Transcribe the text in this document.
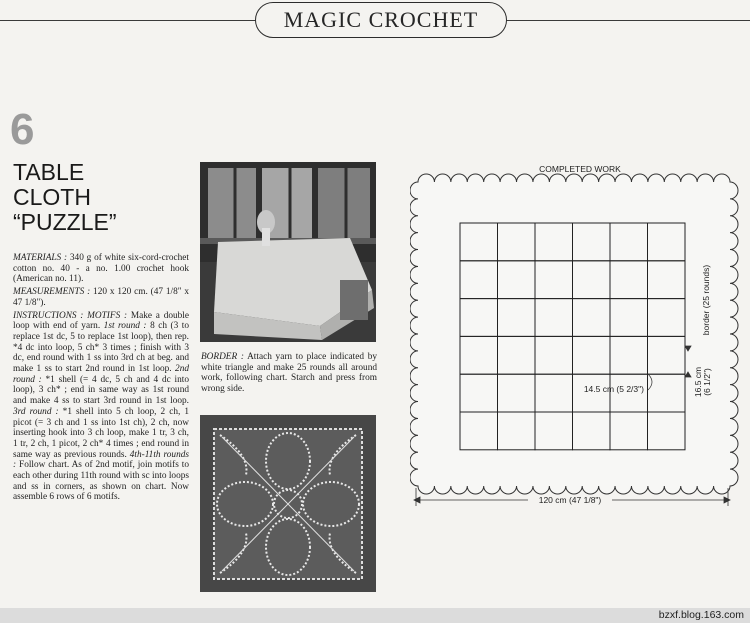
MAGIC CROCHET
6
TABLE
CLOTH
“PUZZLE”

MATERIALS : 340 g of white six-cord-crochet cotton no. 40 - a no. 1.00 crochet hook (American no. 11).

MEASUREMENTS : 120 x 120 cm. (47 1/8" x 47 1/8").

INSTRUCTIONS : MOTIFS : Make a double loop with end of yarn. 1st round : 8 ch (3 to replace 1st dc, 5 to replace 1st loop), then rep. *4 dc into loop, 5 ch* 3 times ; finish with 3 dc, end round with 1 ss into 3rd ch at beg. and make 1 ss to start 2nd round in 1st loop. 2nd round : *1 shell (= 4 dc, 5 ch and 4 dc into loop), 3 ch* ; end in same way as 1st round and make 4 ss to start 3rd round in 1st loop. 3rd round : *1 shell into 5 ch loop, 2 ch, 1 picot (= 3 ch and 1 ss into 1st ch), 2 ch, now inserting hook into 3 ch loop, make 1 tr, 3 ch, 1 tr, 2 ch, 1 picot, 2 ch* 4 times ; end round in same way as previous rounds. 4th-11th rounds : Follow chart. As of 2nd motif, join motifs to each other during 11th round with sc into loops and ss in corners, as shown on chart. Now assemble 6 rows of 6 motifs.

BORDER : Attach yarn to place indicated by white triangle and make 25 rounds all around work, following chart. Starch and press from wrong side.
COMPLETED WORK
14.5 cm (5 2/3")
border (25 rounds)
16.5 cm (6 1/2")
120 cm (47 1/8")
bzxf.blog.163.com
